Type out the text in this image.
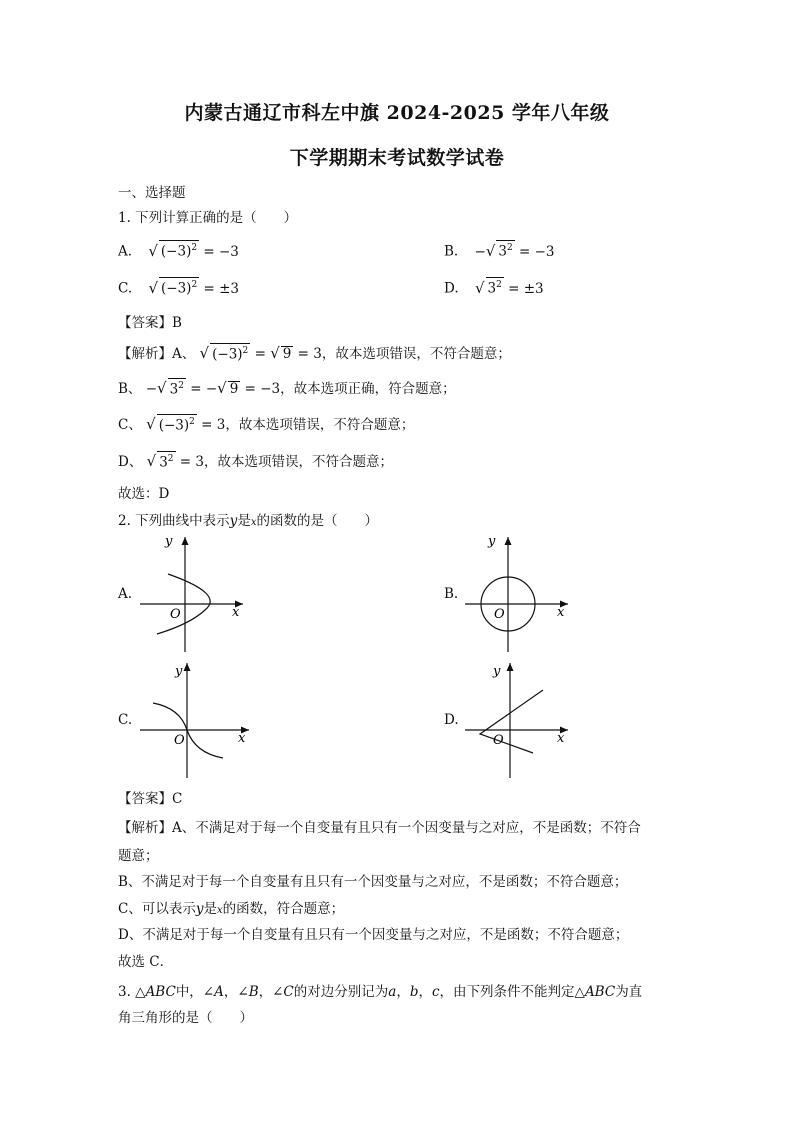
内蒙古通辽市科左中旗 2024-2025 学年八年级
下学期期末考试数学试卷
一、选择题
1. 下列计算正确的是（　　）
A. √ $(-3)^2 = -3$	B. −√ $3^2 = -3$
C. √ $(-3)^2 = \pm 3$	D. √ $3^2 = \pm 3$
【答案】B
【解析】A、 √ $(-3)^2$ = √ 9 = 3，故本选项错误，不符合题意；
B、 −√ $3^2$ = −√ 9 = −3，故本选项正确，符合题意；
C、 √ $(-3)^2 = 3$，故本选项错误，不符合题意；
D、 √ $3^2 = 3$，故本选项错误，不符合题意；
故选：D
2. 下列曲线中表示y是x的函数的是（　　）
A.	B.
C.	D.
y
x
O
y
x
O
y
x
O
y
x
O
【答案】C
【解析】A、不满足对于每一个自变量有且只有一个因变量与之对应，不是函数；不符合
题意；
B、不满足对于每一个自变量有且只有一个因变量与之对应，不是函数；不符合题意；
C、可以表示y是x的函数，符合题意；
D、不满足对于每一个自变量有且只有一个因变量与之对应，不是函数；不符合题意；
故选 C．
3. △ABC中，∠A，∠B，∠C的对边分别记为a，b，c，由下列条件不能判定△ABC为直
角三角形的是（　　）
